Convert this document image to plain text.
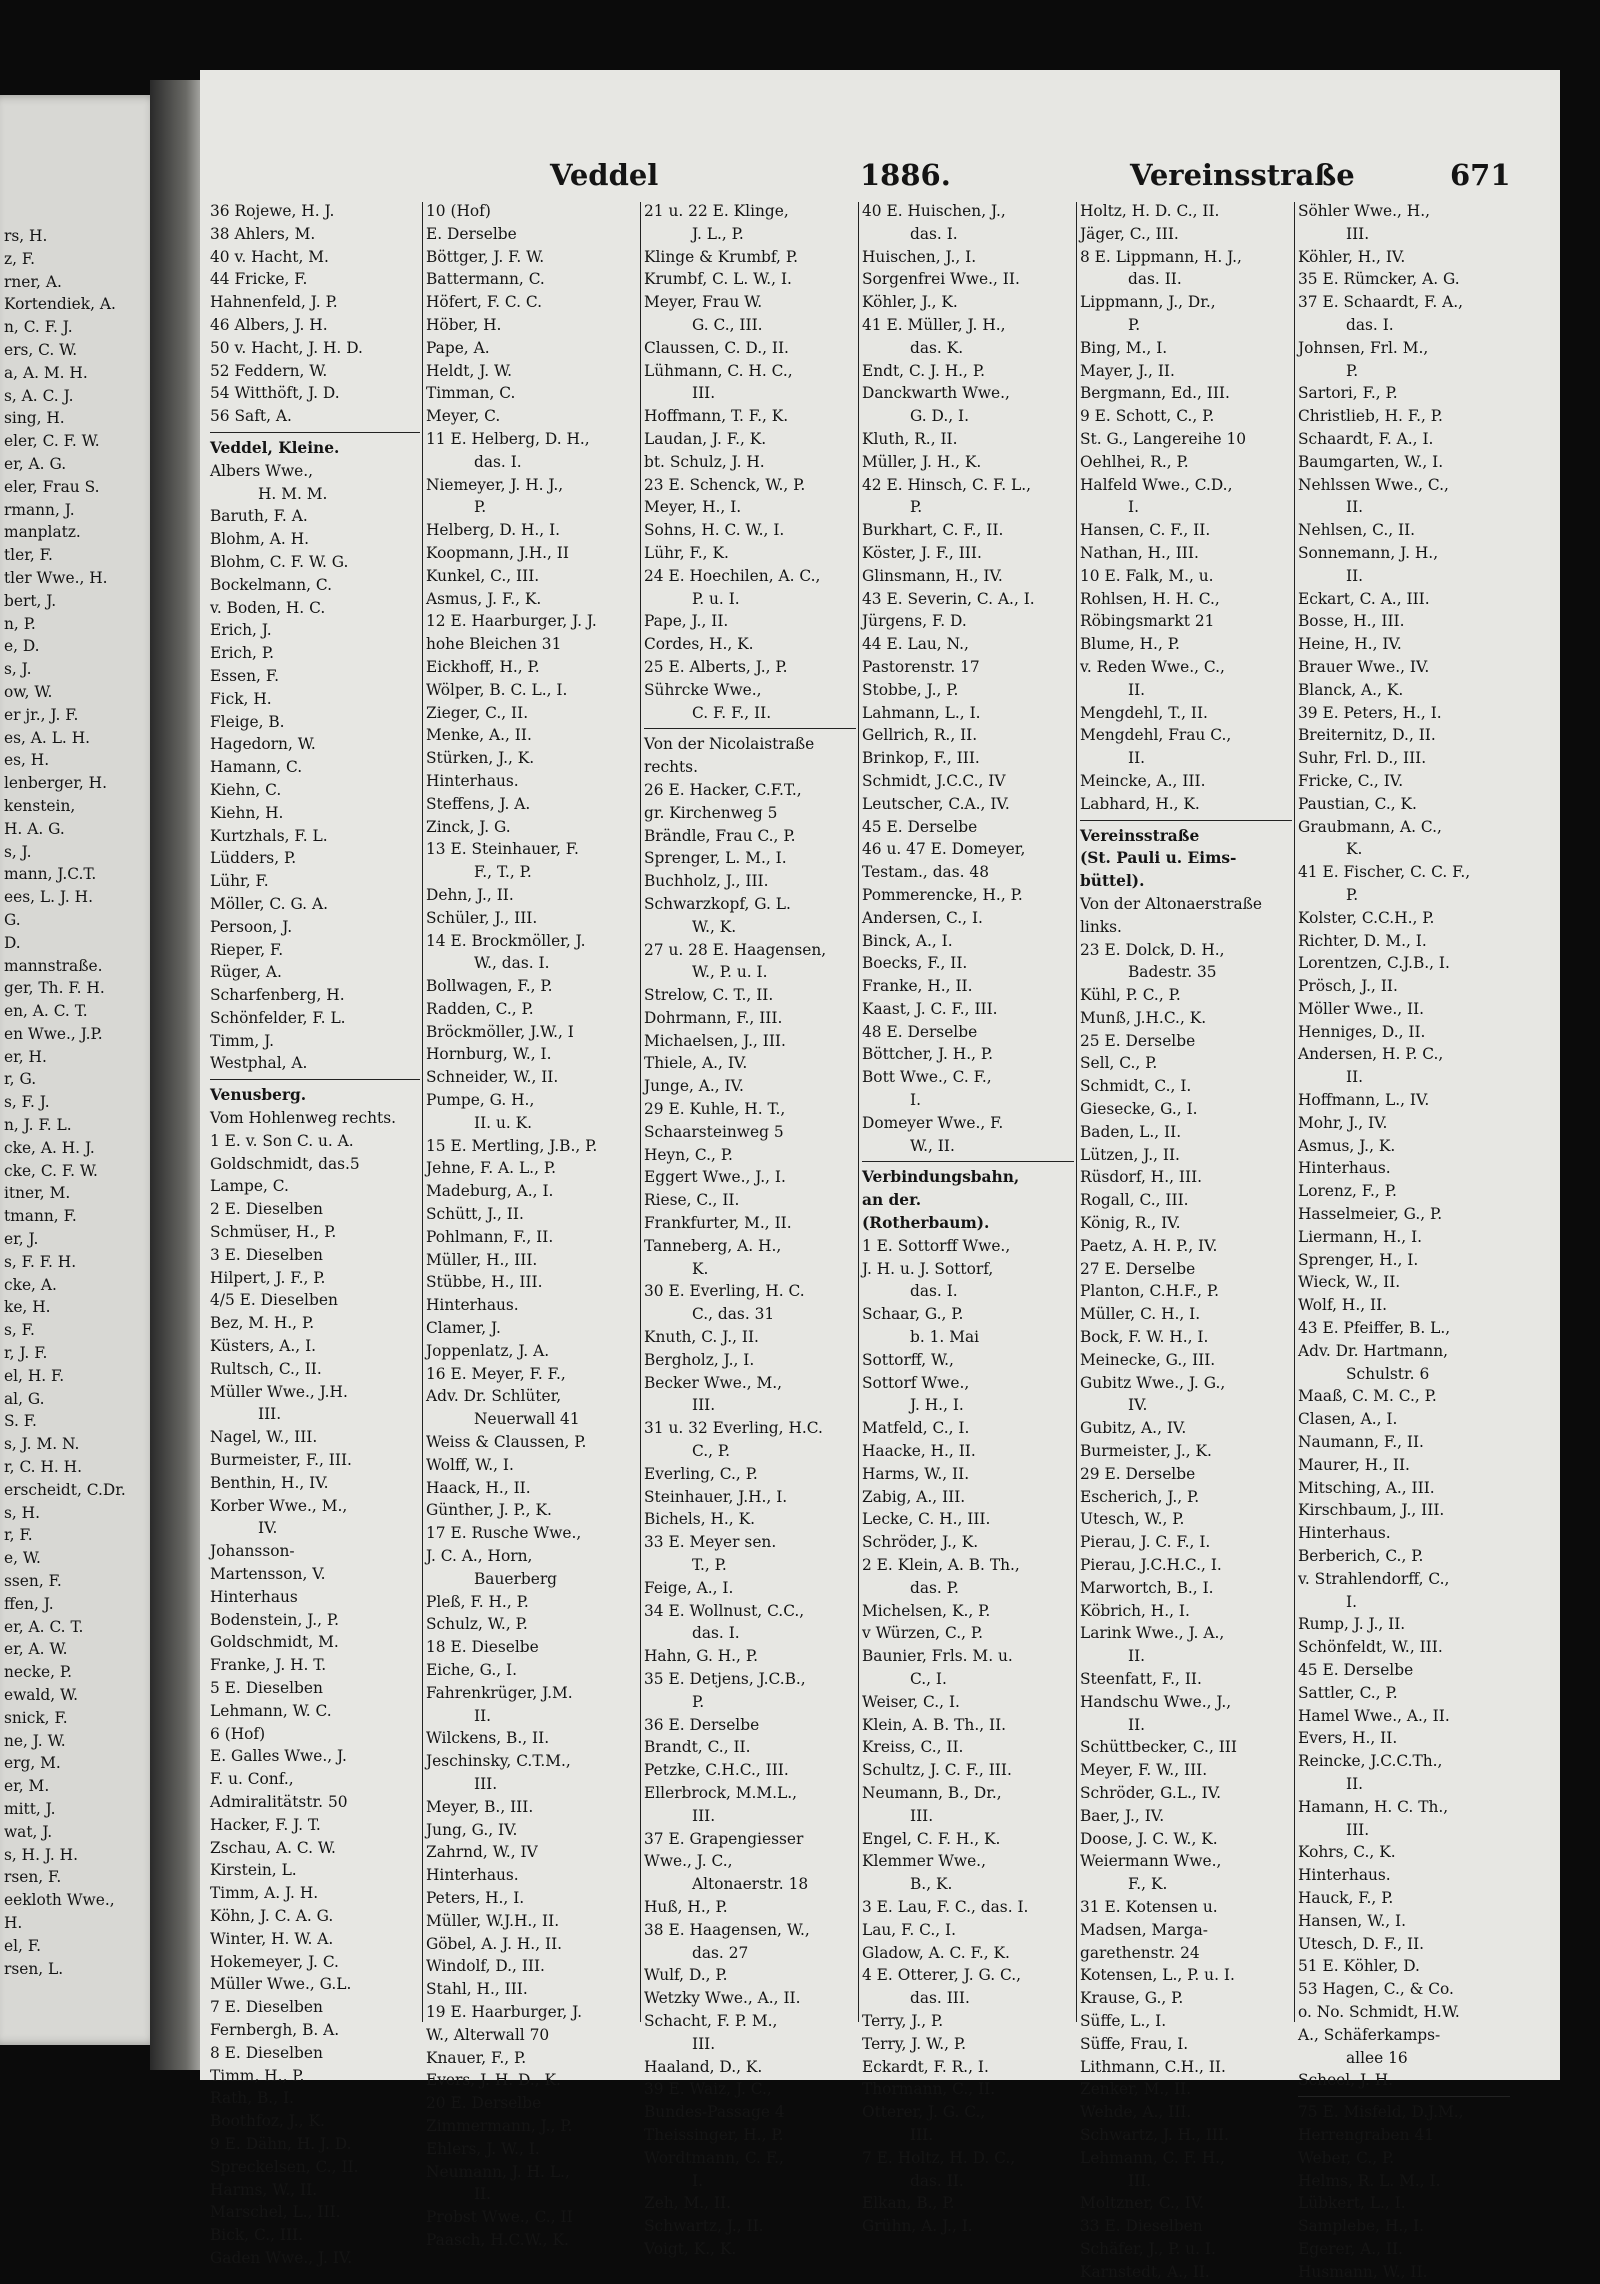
rs, H.
z, F.
rner, A.
Kortendiek, A.
n, C. F. J.
ers, C. W.
a, A. M. H.
s, A. C. J.
sing, H.
eler, C. F. W.
er, A. G.
eler, Frau S.
rmann, J.
manplatz.
tler, F.
tler Wwe., H.
bert, J.
n, P.
e, D.
s, J.
ow, W.
er jr., J. F.
es, A. L. H.
es, H.
lenberger, H.
kenstein,
H. A. G.
s, J.
mann, J.C.T.
ees, L. J. H.
G.
D.
mannstraße.
ger, Th. F. H.
en, A. C. T.
en Wwe., J.P.
er, H.
r, G.
s, F. J.
n, J. F. L.
cke, A. H. J.
cke, C. F. W.
itner, M.
tmann, F.
er, J.
s, F. F. H.
cke, A.
ke, H.
s, F.
r, J. F.
el, H. F.
al, G.
S. F.
s, J. M. N.
r, C. H. H.
erscheidt, C.Dr.
s, H.
r, F.
e, W.
ssen, F.
ffen, J.
er, A. C. T.
er, A. W.
necke, P.
ewald, W.
snick, F.
ne, J. W.
erg, M.
er, M.
mitt, J.
wat, J.
s, H. J. H.
rsen, F.
eekloth Wwe.,
H.
el, F.
rsen, L.
Veddel	1886.	Vereinsstraße	671
36 Rojewe, H. J.
38 Ahlers, M.
40 v. Hacht, M.
44 Fricke, F.
Hahnenfeld, J. P.
46 Albers, J. H.
50 v. Hacht, J. H. D.
52 Feddern, W.
54 Witthöft, J. D.
56 Saft, A.
Veddel, Kleine.
Albers Wwe.,
H. M. M.
Baruth, F. A.
Blohm, A. H.
Blohm, C. F. W. G.
Bockelmann, C.
v. Boden, H. C.
Erich, J.
Erich, P.
Essen, F.
Fick, H.
Fleige, B.
Hagedorn, W.
Hamann, C.
Kiehn, C.
Kiehn, H.
Kurtzhals, F. L.
Lüdders, P.
Lühr, F.
Möller, C. G. A.
Persoon, J.
Rieper, F.
Rüger, A.
Scharfenberg, H.
Schönfelder, F. L.
Timm, J.
Westphal, A.
Venusberg.
Vom Hohlenweg rechts.
1 E. v. Son C. u. A.
Goldschmidt, das.5
Lampe, C.
2 E. Dieselben
Schmüser, H., P.
3 E. Dieselben
Hilpert, J. F., P.
4/5 E. Dieselben
Bez, M. H., P.
Küsters, A., I.
Rultsch, C., II.
Müller Wwe., J.H.
III.
Nagel, W., III.
Burmeister, F., III.
Benthin, H., IV.
Korber Wwe., M.,
IV.
Johansson-
Martensson, V.
Hinterhaus
Bodenstein, J., P.
Goldschmidt, M.
Franke, J. H. T.
5 E. Dieselben
Lehmann, W. C.
6 (Hof)
E. Galles Wwe., J.
F. u. Conf.,
Admiralitätstr. 50
Hacker, F. J. T.
Zschau, A. C. W.
Kirstein, L.
Timm, A. J. H.
Köhn, J. C. A. G.
Winter, H. W. A.
Hokemeyer, J. C.
Müller Wwe., G.L.
7 E. Dieselben
Fernbergh, B. A.
8 E. Dieselben
Timm, H., P.
Rath, B., I.
Boothfoz, J., K.
9 E. Dähn, H. J. D.
Spreckelsen, C., II.
Harms, W., II.
Marschel, L., III.
Bick, C., III.
Gaden Wwe., J. IV.
10 (Hof)
E. Derselbe
Böttger, J. F. W.
Battermann, C.
Höfert, F. C. C.
Höber, H.
Pape, A.
Heldt, J. W.
Timman, C.
Meyer, C.
11 E. Helberg, D. H.,
das. I.
Niemeyer, J. H. J.,
P.
Helberg, D. H., I.
Koopmann, J.H., II
Kunkel, C., III.
Asmus, J. F., K.
12 E. Haarburger, J. J.
hohe Bleichen 31
Eickhoff, H., P.
Wölper, B. C. L., I.
Zieger, C., II.
Menke, A., II.
Stürken, J., K.
Hinterhaus.
Steffens, J. A.
Zinck, J. G.
13 E. Steinhauer, F.
F., T., P.
Dehn, J., II.
Schüler, J., III.
14 E. Brockmöller, J.
W., das. I.
Bollwagen, F., P.
Radden, C., P.
Bröckmöller, J.W., I
Hornburg, W., I.
Schneider, W., II.
Pumpe, G. H.,
II. u. K.
15 E. Mertling, J.B., P.
Jehne, F. A. L., P.
Madeburg, A., I.
Schütt, J., II.
Pohlmann, F., II.
Müller, H., III.
Stübbe, H., III.
Hinterhaus.
Clamer, J.
Joppenlatz, J. A.
16 E. Meyer, F. F.,
Adv. Dr. Schlüter,
Neuerwall 41
Weiss & Claussen, P.
Wolff, W., I.
Haack, H., II.
Günther, J. P., K.
17 E. Rusche Wwe.,
J. C. A., Horn,
Bauerberg
Pleß, F. H., P.
Schulz, W., P.
18 E. Dieselbe
Eiche, G., I.
Fahrenkrüger, J.M.
II.
Wilckens, B., II.
Jeschinsky, C.T.M.,
III.
Meyer, B., III.
Jung, G., IV.
Zahrnd, W., IV
Hinterhaus.
Peters, H., I.
Müller, W.J.H., II.
Göbel, A. J. H., II.
Windolf, D., III.
Stahl, H., III.
19 E. Haarburger, J.
W., Alterwall 70
Knauer, F., P.
Evers, J. H. D., K.
20 E. Derselbe
Zimmermann, J., P.
Ehlers, J. W., I.
Neumann, J. H. L.,
II.
Probst Wwe., C., II
Paasch, H.C.W., K.
21 u. 22 E. Klinge,
J. L., P.
Klinge & Krumbf, P.
Krumbf, C. L. W., I.
Meyer, Frau W.
G. C., III.
Claussen, C. D., II.
Lühmann, C. H. C.,
III.
Hoffmann, T. F., K.
Laudan, J. F., K.
bt. Schulz, J. H.
23 E. Schenck, W., P.
Meyer, H., I.
Sohns, H. C. W., I.
Lühr, F., K.
24 E. Hoechilen, A. C.,
P. u. I.
Pape, J., II.
Cordes, H., K.
25 E. Alberts, J., P.
Sührcke Wwe.,
C. F. F., II.
Von der Nicolaistraße
rechts.
26 E. Hacker, C.F.T.,
gr. Kirchenweg 5
Brändle, Frau C., P.
Sprenger, L. M., I.
Buchholz, J., III.
Schwarzkopf, G. L.
W., K.
27 u. 28 E. Haagensen,
W., P. u. I.
Strelow, C. T., II.
Dohrmann, F., III.
Michaelsen, J., III.
Thiele, A., IV.
Junge, A., IV.
29 E. Kuhle, H. T.,
Schaarsteinweg 5
Heyn, C., P.
Eggert Wwe., J., I.
Riese, C., II.
Frankfurter, M., II.
Tanneberg, A. H.,
K.
30 E. Everling, H. C.
C., das. 31
Knuth, C. J., II.
Bergholz, J., I.
Becker Wwe., M.,
III.
31 u. 32 Everling, H.C.
C., P.
Everling, C., P.
Steinhauer, J.H., I.
Bichels, H., K.
33 E. Meyer sen.
T., P.
Feige, A., I.
34 E. Wollnust, C.C.,
das. I.
Hahn, G. H., P.
35 E. Detjens, J.C.B.,
P.
36 E. Derselbe
Brandt, C., II.
Petzke, C.H.C., III.
Ellerbrock, M.M.L.,
III.
37 E. Grapengiesser
Wwe., J. C.,
Altonaerstr. 18
Huß, H., P.
38 E. Haagensen, W.,
das. 27
Wulf, D., P.
Wetzky Wwe., A., II.
Schacht, F. P. M.,
III.
Haaland, D., K.
39 E. Waiz, J. C.,
Bundes-Passage 4
Theissinger, H., P.
Wordtmann, C. F.,
I.
Zeh, M., II.
Schwartz, J., II.
Voigt, K., K.
40 E. Huischen, J.,
das. I.
Huischen, J., I.
Sorgenfrei Wwe., II.
Köhler, J., K.
41 E. Müller, J. H.,
das. K.
Endt, C. J. H., P.
Danckwarth Wwe.,
G. D., I.
Kluth, R., II.
Müller, J. H., K.
42 E. Hinsch, C. F. L.,
P.
Burkhart, C. F., II.
Köster, J. F., III.
Glinsmann, H., IV.
43 E. Severin, C. A., I.
Jürgens, F. D.
44 E. Lau, N.,
Pastorenstr. 17
Stobbe, J., P.
Lahmann, L., I.
Gellrich, R., II.
Brinkop, F., III.
Schmidt, J.C.C., IV
Leutscher, C.A., IV.
45 E. Derselbe
46 u. 47 E. Domeyer,
Testam., das. 48
Pommerencke, H., P.
Andersen, C., I.
Binck, A., I.
Boecks, F., II.
Franke, H., II.
Kaast, J. C. F., III.
48 E. Derselbe
Böttcher, J. H., P.
Bott Wwe., C. F.,
I.
Domeyer Wwe., F.
W., II.
Verbindungsbahn,
an der.
(Rotherbaum).
1 E. Sottorff Wwe.,
J. H. u. J. Sottorf,
das. I.
Schaar, G., P.
b. 1. Mai
Sottorff, W.,
Sottorf Wwe.,
J. H., I.
Matfeld, C., I.
Haacke, H., II.
Harms, W., II.
Zabig, A., III.
Lecke, C. H., III.
Schröder, J., K.
2 E. Klein, A. B. Th.,
das. P.
Michelsen, K., P.
v Würzen, C., P.
Baunier, Frls. M. u.
C., I.
Weiser, C., I.
Klein, A. B. Th., II.
Kreiss, C., II.
Schultz, J. C. F., III.
Neumann, B., Dr.,
III.
Engel, C. F. H., K.
Klemmer Wwe.,
B., K.
3 E. Lau, F. C., das. I.
Lau, F. C., I.
Gladow, A. C. F., K.
4 E. Otterer, J. G. C.,
das. III.
Terry, J., P.
Terry, J. W., P.
Eckardt, F. R., I.
Thormann, C., II.
Otterer, J. G. C.,
III.
7 E. Holtz, H. D. C.,
das. II.
Elkan, B., P.
Grühn, A. J., I.
Holtz, H. D. C., II.
Jäger, C., III.
8 E. Lippmann, H. J.,
das. II.
Lippmann, J., Dr.,
P.
Bing, M., I.
Mayer, J., II.
Bergmann, Ed., III.
9 E. Schott, C., P.
St. G., Langereihe 10
Oehlhei, R., P.
Halfeld Wwe., C.D.,
I.
Hansen, C. F., II.
Nathan, H., III.
10 E. Falk, M., u.
Rohlsen, H. H. C.,
Röbingsmarkt 21
Blume, H., P.
v. Reden Wwe., C.,
II.
Mengdehl, T., II.
Mengdehl, Frau C.,
II.
Meincke, A., III.
Labhard, H., K.
Vereinsstraße
(St. Pauli u. Eims-
büttel).
Von der Altonaerstraße
links.
23 E. Dolck, D. H.,
Badestr. 35
Kühl, P. C., P.
Munß, J.H.C., K.
25 E. Derselbe
Sell, C., P.
Schmidt, C., I.
Giesecke, G., I.
Baden, L., II.
Lützen, J., II.
Rüsdorf, H., III.
Rogall, C., III.
König, R., IV.
Paetz, A. H. P., IV.
27 E. Derselbe
Planton, C.H.F., P.
Müller, C. H., I.
Bock, F. W. H., I.
Meinecke, G., III.
Gubitz Wwe., J. G.,
IV.
Gubitz, A., IV.
Burmeister, J., K.
29 E. Derselbe
Escherich, J., P.
Utesch, W., P.
Pierau, J. C. F., I.
Pierau, J.C.H.C., I.
Marwortch, B., I.
Köbrich, H., I.
Larink Wwe., J. A.,
II.
Steenfatt, F., II.
Handschu Wwe., J.,
II.
Schüttbecker, C., III
Meyer, F. W., III.
Schröder, G.L., IV.
Baer, J., IV.
Doose, J. C. W., K.
Weiermann Wwe.,
F., K.
31 E. Kotensen u.
Madsen, Marga-
garethenstr. 24
Kotensen, L., P. u. I.
Krause, G., P.
Süffe, L., I.
Süffe, Frau, I.
Lithmann, C.H., II.
Zenker, M., II.
Wehde, A., III.
Schwartz, J. H., III.
Lehmann, C. F. H.,
III.
Moltzner, C., IV.
33 E. Dieselben
Schäfer, J., P. u. I.
Karnstedt, A., II.
Söhler Wwe., H.,
III.
Köhler, H., IV.
35 E. Rümcker, A. G.
37 E. Schaardt, F. A.,
das. I.
Johnsen, Frl. M.,
P.
Sartori, F., P.
Christlieb, H. F., P.
Schaardt, F. A., I.
Baumgarten, W., I.
Nehlssen Wwe., C.,
II.
Nehlsen, C., II.
Sonnemann, J. H.,
II.
Eckart, C. A., III.
Bosse, H., III.
Heine, H., IV.
Brauer Wwe., IV.
Blanck, A., K.
39 E. Peters, H., I.
Breiternitz, D., II.
Suhr, Frl. D., III.
Fricke, C., IV.
Paustian, C., K.
Graubmann, A. C.,
K.
41 E. Fischer, C. C. F.,
P.
Kolster, C.C.H., P.
Richter, D. M., I.
Lorentzen, C.J.B., I.
Prösch, J., II.
Möller Wwe., II.
Henniges, D., II.
Andersen, H. P. C.,
II.
Hoffmann, L., IV.
Mohr, J., IV.
Asmus, J., K.
Hinterhaus.
Lorenz, F., P.
Hasselmeier, G., P.
Liermann, H., I.
Sprenger, H., I.
Wieck, W., II.
Wolf, H., II.
43 E. Pfeiffer, B. L.,
Adv. Dr. Hartmann,
Schulstr. 6
Maaß, C. M. C., P.
Clasen, A., I.
Naumann, F., II.
Maurer, H., II.
Mitsching, A., III.
Kirschbaum, J., III.
Hinterhaus.
Berberich, C., P.
v. Strahlendorff, C.,
I.
Rump, J. J., II.
Schönfeldt, W., III.
45 E. Derselbe
Sattler, C., P.
Hamel Wwe., A., II.
Evers, H., II.
Reincke, J.C.C.Th.,
II.
Hamann, H. C. Th.,
III.
Kohrs, C., K.
Hinterhaus.
Hauck, F., P.
Hansen, W., I.
Utesch, D. F., II.
51 E. Köhler, D.
53 Hagen, C., & Co.
o. No. Schmidt, H.W.
A., Schäferkamps-
allee 16
Scheel, J. H.
75 E. Misfeld, D.J.M.,
Herrengraben 41
Weber, C., P.
Helms, R. L. M., I.
Lübkert, L., I.
Samplebe, H., I.
Egerer, A., II.
Husmann, W., II.
